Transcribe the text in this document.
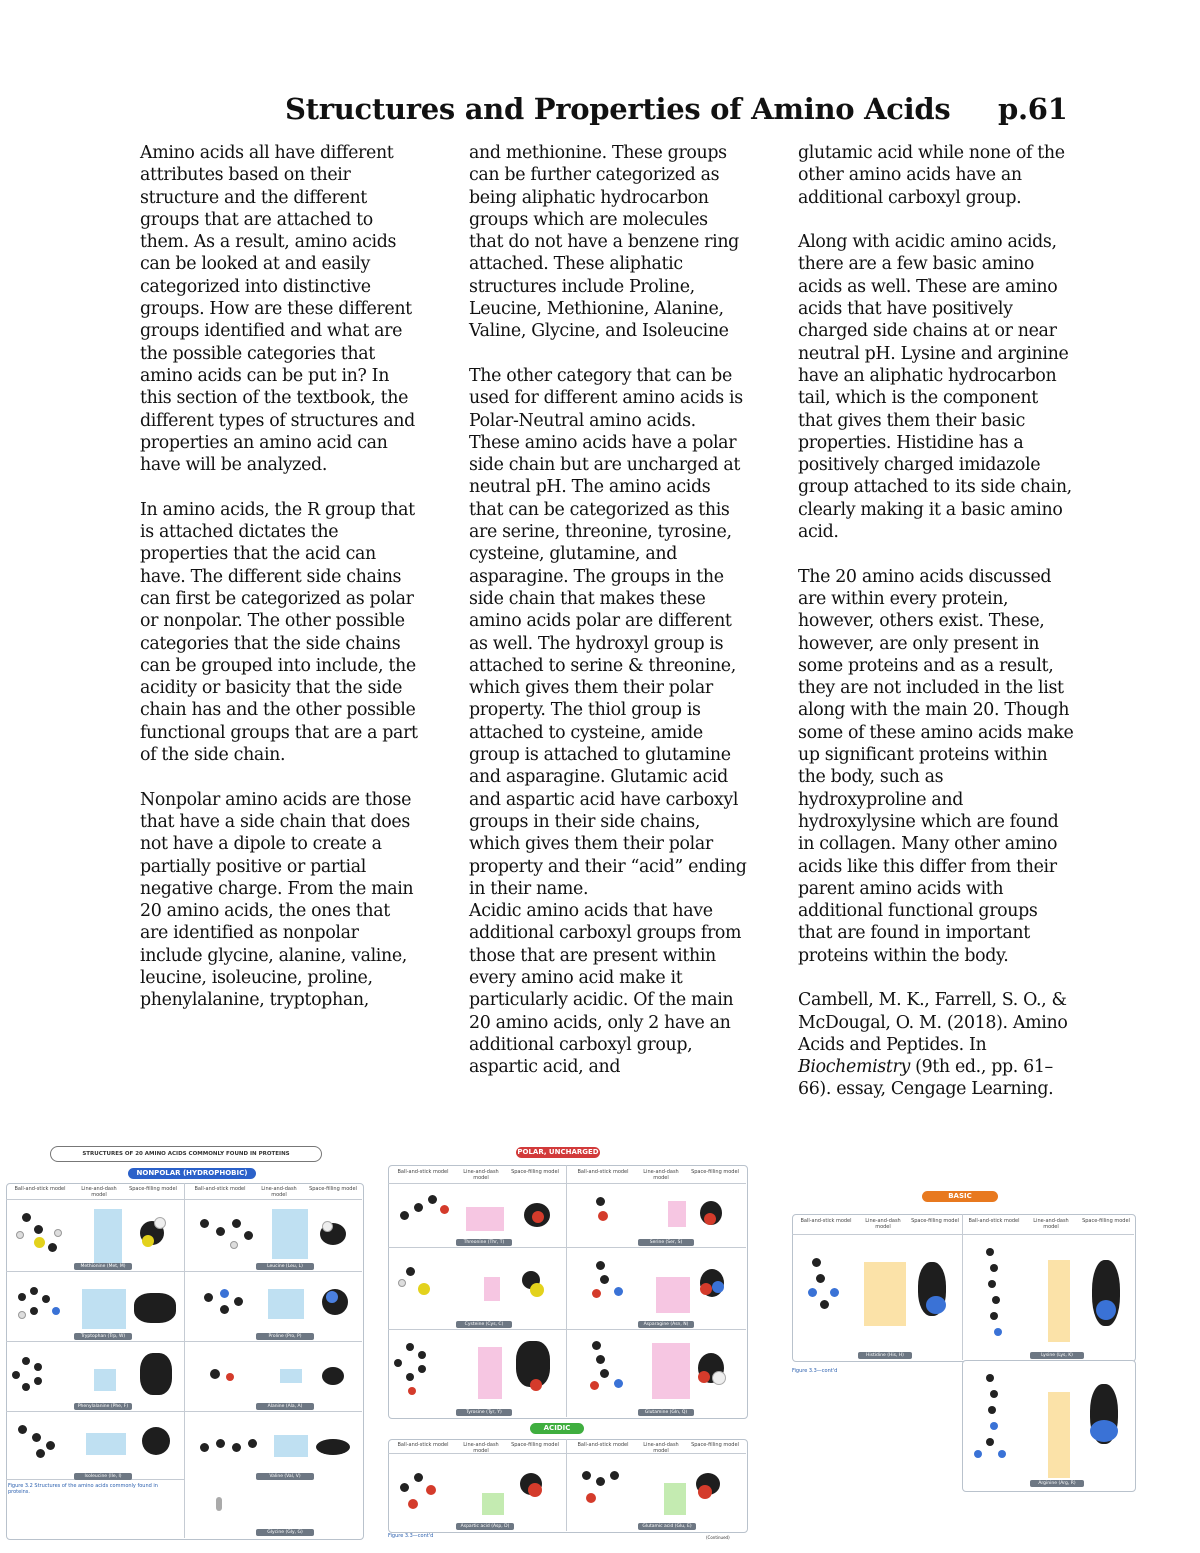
Structures and Properties of Amino Acids p.61

Amino acids all have different attributes based on their structure and the different groups that are attached to them. As a result, amino acids can be looked at and easily categorized into distinctive groups. How are these different groups identified and what are the possible categories that amino acids can be put in? In this section of the textbook, the different types of structures and properties an amino acid can have will be analyzed.

In amino acids, the R group that is attached dictates the properties that the acid can have. The different side chains can first be categorized as polar or nonpolar. The other possible categories that the side chains can be grouped into include, the acidity or basicity that the side chain has and the other possible functional groups that are a part of the side chain.

Nonpolar amino acids are those that have a side chain that does not have a dipole to create a partially positive or partial negative charge. From the main 20 amino acids, the ones that are identified as nonpolar include glycine, alanine, valine, leucine, isoleucine, proline, phenylalanine, tryptophan,

and methionine. These groups can be further categorized as being aliphatic hydrocarbon groups which are molecules that do not have a benzene ring attached. These aliphatic structures include Proline, Leucine, Methionine, Alanine, Valine, Glycine, and Isoleucine

The other category that can be used for different amino acids is Polar-Neutral amino acids. These amino acids have a polar side chain but are uncharged at neutral pH. The amino acids that can be categorized as this are serine, threonine, tyrosine, cysteine, glutamine, and asparagine. The groups in the side chain that makes these amino acids polar are different as well. The hydroxyl group is attached to serine & threonine, which gives them their polar property. The thiol group is attached to cysteine, amide group is attached to glutamine and asparagine. Glutamic acid and aspartic acid have carboxyl groups in their side chains, which gives them their polar property and their “acid” ending in their name.

Acidic amino acids that have additional carboxyl groups from those that are present within every amino acid make it particularly acidic. Of the main 20 amino acids, only 2 have an additional carboxyl group, aspartic acid, and

glutamic acid while none of the other amino acids have an additional carboxyl group.

Along with acidic amino acids, there are a few basic amino acids as well. These are amino acids that have positively charged side chains at or near neutral pH. Lysine and arginine have an aliphatic hydrocarbon tail, which is the component that gives them their basic properties. Histidine has a positively charged imidazole group attached to its side chain, clearly making it a basic amino acid.

The 20 amino acids discussed are within every protein, however, others exist. These, however, are only present in some proteins and as a result, they are not included in the list along with the main 20. Though some of these amino acids make up significant proteins within the body, such as hydroxyproline and hydroxylysine which are found in collagen. Many other amino acids like this differ from their parent amino acids with additional functional groups that are found in important proteins within the body.

Cambell, M. K., Farrell, S. O., & McDougal, O. M. (2018). Amino Acids and Peptides. In Biochemistry (9th ed., pp. 61–66). essay, Cengage Learning.

STRUCTURES OF 20 AMINO ACIDS COMMONLY FOUND IN PROTEINS
NONPOLAR (HYDROPHOBIC)
Ball-and-stick model	Line-and-dash model
Space-filling model	Ball-and-stick model	Line-and-dash model
Space-filling model
Methionine (Met, M)	Leucine (Leu, L)
Tryptophan (Trp, W)	Proline (Pro, P)
Phenylalanine (Phe, F)	Alanine (Ala, A)
Isoleucine (Ile, I)	Valine (Val, V)
Glycine (Gly, G)
Figure 3.2 Structures of the amino acids commonly found in proteins.
POLAR, UNCHARGED
Ball-and-stick model	Line-and-dash model
Space-filling model	Ball-and-stick model	Line-and-dash model
Space-filling model
Threonine (Thr, T)	Serine (Ser, S)
Cysteine (Cys, C)	Asparagine (Asn, N)
Tyrosine (Tyr, Y)	Glutamine (Gln, Q)
ACIDIC
Ball-and-stick model	Line-and-dash model
Space-filling model	Ball-and-stick model	Line-and-dash model
Space-filling model
Aspartic acid (Asp, D)	Glutamic acid (Glu, E)
Figure 3.3—cont'd	(Continued)
BASIC
Ball-and-stick model	Line-and-dash model
Space-filling model	Ball-and-stick model	Line-and-dash model
Space-filling model
Histidine (His, H)	Lysine (Lys, K)
Arginine (Arg, R)
Figure 3.3—cont'd
